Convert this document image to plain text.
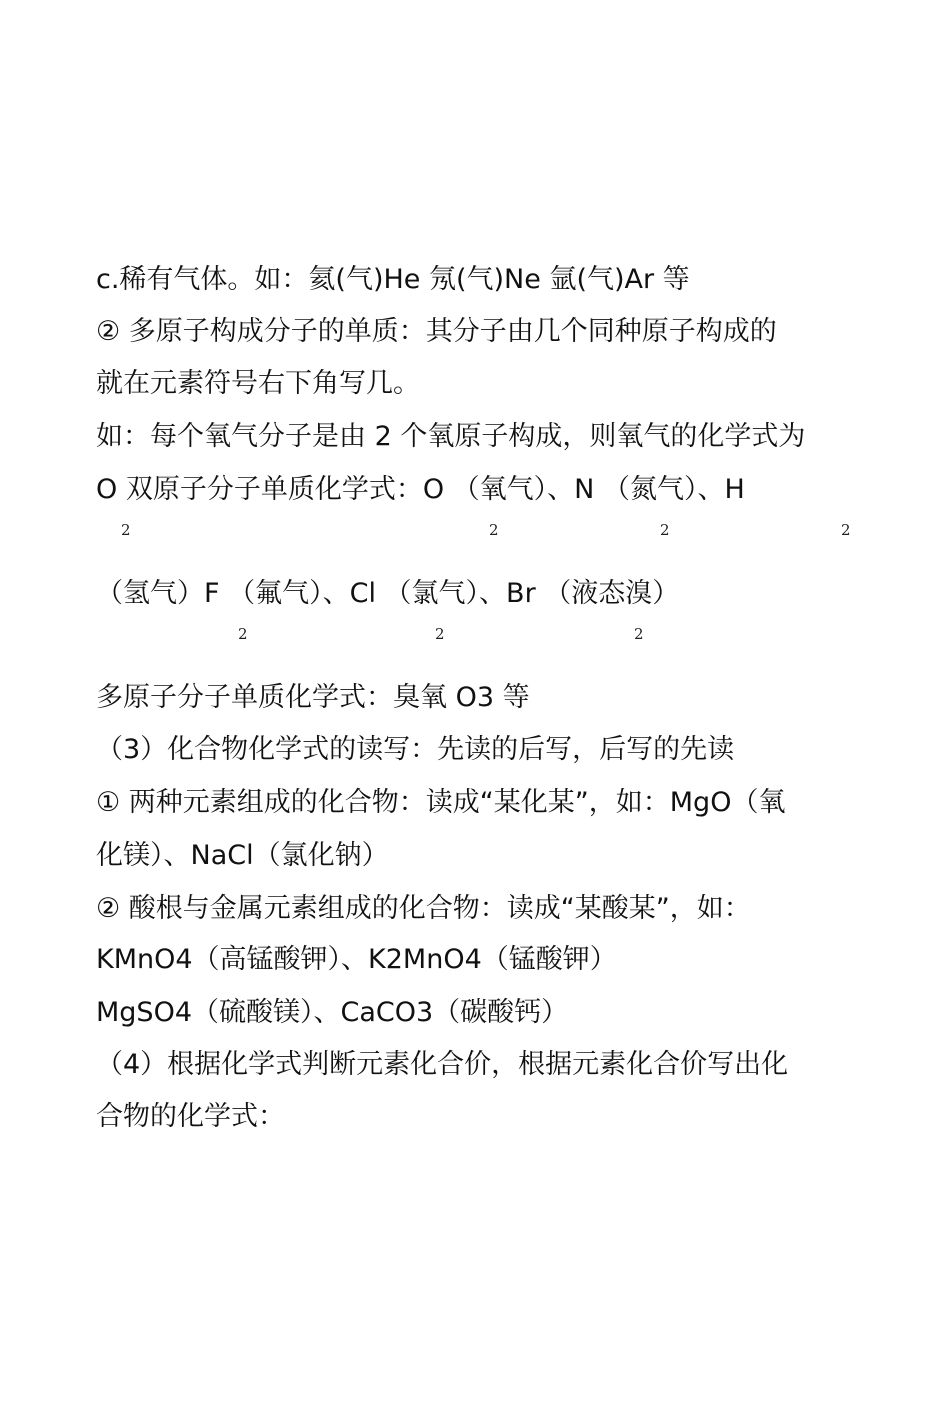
c.稀有气体。如：氦(气)He 氖(气)Ne 氩(气)Ar 等
② 多原子构成分子的单质：其分子由几个同种原子构成的
就在元素符号右下角写几。
如：每个氧气分子是由 2 个氧原子构成，则氧气的化学式为
O 双原子分子单质化学式：O （氧气）、N （氮气）、H
2	2	2	2
（氢气）F （氟气）、Cl （氯气）、Br （液态溴）
2	2	2
多原子分子单质化学式：臭氧 O3 等
（3）化合物化学式的读写：先读的后写，后写的先读
① 两种元素组成的化合物：读成“某化某”，如：MgO（氧
化镁）、NaCl（氯化钠）
② 酸根与金属元素组成的化合物：读成“某酸某”，如：
KMnO4（高锰酸钾）、K2MnO4（锰酸钾）
MgSO4（硫酸镁）、CaCO3（碳酸钙）
（4）根据化学式判断元素化合价，根据元素化合价写出化
合物的化学式：
